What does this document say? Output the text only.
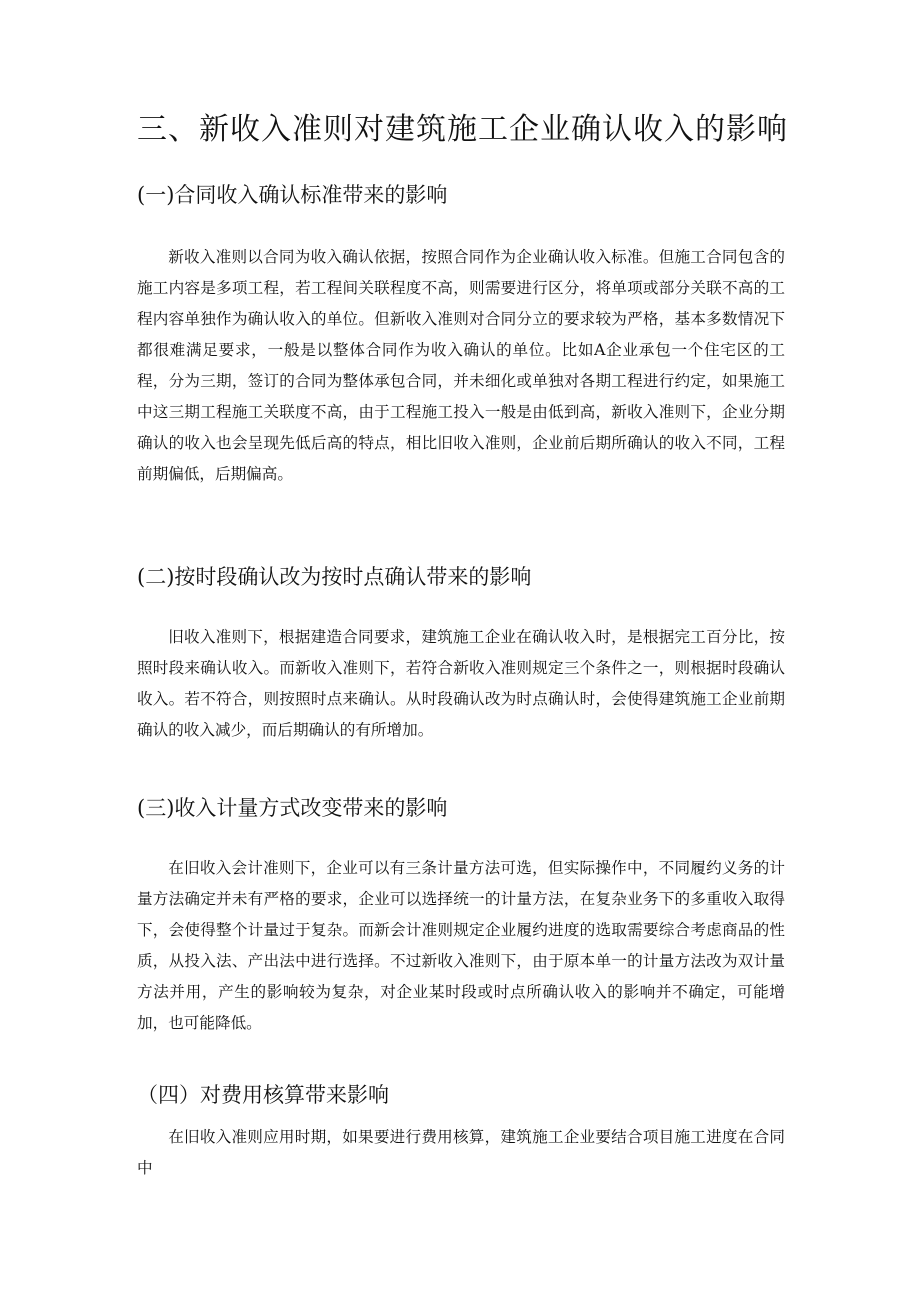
三、新收入准则对建筑施工企业确认收入的影响
(一)合同收入确认标准带来的影响

新收入准则以合同为收入确认依据，按照合同作为企业确认收入标准。但施工合同包含的施工内容是多项工程，若工程间关联程度不高，则需要进行区分，将单项或部分关联不高的工程内容单独作为确认收入的单位。但新收入准则对合同分立的要求较为严格，基本多数情况下都很难满足要求，一般是以整体合同作为收入确认的单位。比如A企业承包一个住宅区的工程，分为三期，签订的合同为整体承包合同，并未细化或单独对各期工程进行约定，如果施工中这三期工程施工关联度不高，由于工程施工投入一般是由低到高，新收入准则下，企业分期确认的收入也会呈现先低后高的特点，相比旧收入准则，企业前后期所确认的收入不同，工程前期偏低，后期偏高。

(二)按时段确认改为按时点确认带来的影响

旧收入准则下，根据建造合同要求，建筑施工企业在确认收入时，是根据完工百分比，按照时段来确认收入。而新收入准则下，若符合新收入准则规定三个条件之一，则根据时段确认收入。若不符合，则按照时点来确认。从时段确认改为时点确认时，会使得建筑施工企业前期确认的收入减少，而后期确认的有所增加。

(三)收入计量方式改变带来的影响

在旧收入会计准则下，企业可以有三条计量方法可选，但实际操作中，不同履约义务的计量方法确定并未有严格的要求，企业可以选择统一的计量方法，在复杂业务下的多重收入取得下，会使得整个计量过于复杂。而新会计准则规定企业履约进度的选取需要综合考虑商品的性质，从投入法、产出法中进行选择。不过新收入准则下，由于原本单一的计量方法改为双计量方法并用，产生的影响较为复杂，对企业某时段或时点所确认收入的影响并不确定，可能增加，也可能降低。

（四）对费用核算带来影响

在旧收入准则应用时期，如果要进行费用核算，建筑施工企业要结合项目施工进度在合同中
